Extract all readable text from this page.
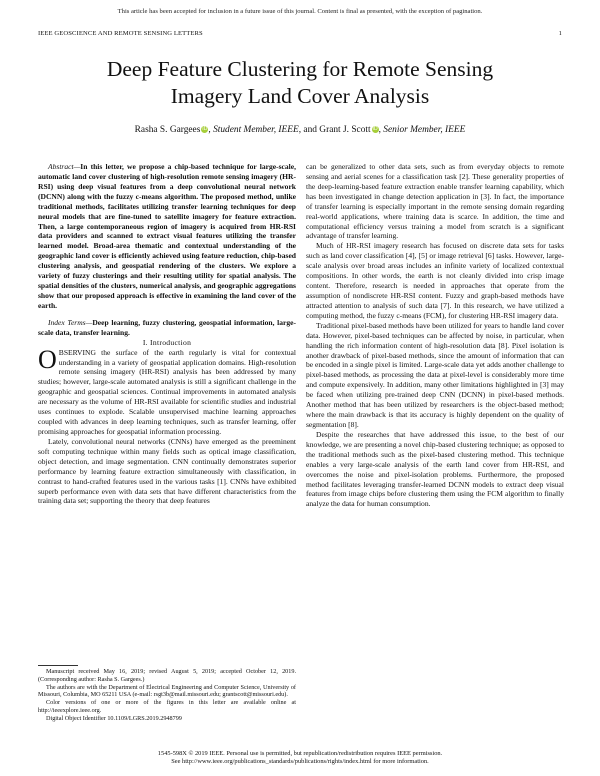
This article has been accepted for inclusion in a future issue of this journal. Content is final as presented, with the exception of pagination.
IEEE GEOSCIENCE AND REMOTE SENSING LETTERS	1
Deep Feature Clustering for Remote Sensing
Imagery Land Cover Analysis
Rasha S. Gargees iD, Student Member, IEEE, and Grant J. Scott iD, Senior Member, IEEE

Abstract—In this letter, we propose a chip-based technique for large-scale, automatic land cover clustering of high-resolution remote sensing imagery (HR-RSI) using deep visual features from a deep convolutional neural network (DCNN) along with the fuzzy c-means algorithm. The proposed method, unlike traditional methods, facilitates utilizing transfer learning techniques for deep neural models that are fine-tuned to satellite imagery for feature extraction. Then, a large contemporaneous region of imagery is acquired from HR-RSI data providers and scanned to extract visual features utilizing the transfer learned model. Broad-area thematic and contextual understanding of the geographic land cover is efficiently achieved using feature reduction, chip-based clustering analysis, and geospatial rendering of the clusters. We explore a variety of fuzzy clusterings and their resulting utility for spatial analysis. The spatial densities of the clusters, numerical analysis, and geographic aggregations show that our proposed approach is effective in examining the land cover of the earth.

Index Terms—Deep learning, fuzzy clustering, geospatial information, large-scale data, transfer learning.

I. Introduction

OBSERVING the surface of the earth regularly is vital for contextual understanding in a variety of geospatial application domains. High-resolution remote sensing imagery (HR-RSI) analysis has been addressed by many studies; however, large-scale automated analysis is still a significant challenge in the geographic and geospatial sciences. Continual improvements in automated analysis are necessary as the volume of HR-RSI available for scientific studies and industrial uses continues to explode. Scalable unsupervised machine learning approaches coupled with advances in deep learning techniques, such as transfer learning, offer promising approaches for geospatial information processing.

Lately, convolutional neural networks (CNNs) have emerged as the preeminent soft computing technique within many fields such as optical image classification, object detection, and image segmentation. CNN continually demonstrates superior performance by learning feature extraction simultaneously with classification, in contrast to hand-crafted features used in the various tasks [1]. CNNs have exhibited superb performance even with data sets that have different characteristics from the training data set; supporting the theory that deep features

Manuscript received May 16, 2019; revised August 5, 2019; accepted October 12, 2019. (Corresponding author: Rasha S. Gargees.)

The authors are with the Department of Electrical Engineering and Computer Science, University of Missouri, Columbia, MO 65211 USA (e-mail: rsgt3b@mail.missouri.edu; grantscott@missouri.edu).

Color versions of one or more of the figures in this letter are available online at http://ieeexplore.ieee.org.

Digital Object Identifier 10.1109/LGRS.2019.2948799

can be generalized to other data sets, such as from everyday objects to remote sensing and aerial scenes for a classification task [2]. These generality properties of the deep-learning-based feature extraction enable transfer learning capability, which has been investigated in change detection application in [3]. In fact, the importance of transfer learning is especially important in the remote sensing domain regarding real-world applications, where training data is scarce. In addition, the time and computational efficiency versus training a model from scratch is a significant advantage of transfer learning.

Much of HR-RSI imagery research has focused on discrete data sets for tasks such as land cover classification [4], [5] or image retrieval [6] tasks. However, large-scale analysis over broad areas includes an infinite variety of localized contextual compositions. In other words, the earth is not cleanly divided into crisp image content. Therefore, research is needed in approaches that operate from the assumption of nondiscrete HR-RSI content. Fuzzy and graph-based methods have attracted attention to analysis of such data [7]. In this research, we have utilized a computing method, the fuzzy c-means (FCM), for clustering HR-RSI imagery data.

Traditional pixel-based methods have been utilized for years to handle land cover data. However, pixel-based techniques can be affected by noise, in particular, when handling the rich information content of high-resolution data [8]. Pixel isolation is another drawback of pixel-based methods, since the amount of information that can be encoded in a single pixel is limited. Large-scale data yet adds another challenge to pixel-based methods, as processing the data at pixel-level is considerably more time and compute expensively. In addition, many other limitations highlighted in [3] may be faced when utilizing pre-trained deep CNN (DCNN) in pixel-based methods. Another method that has been utilized by researchers is the object-based method; where the main drawback is that its accuracy is highly dependent on the quality of segmentation [8].

Despite the researches that have addressed this issue, to the best of our knowledge, we are presenting a novel chip-based clustering technique; as opposed to the traditional methods such as the pixel-based clustering method. This technique enables a very large-scale analysis of the earth land cover from HR-RSI, and overcomes the noise and pixel-isolation problems. Furthermore, the proposed method facilitates leveraging transfer-learned DCNN models to extract deep visual features from image chips before clustering them using the FCM algorithm to finally analyze the data for human consumption.

1545-598X © 2019 IEEE. Personal use is permitted, but republication/redistribution requires IEEE permission.
See http://www.ieee.org/publications_standards/publications/rights/index.html for more information.
